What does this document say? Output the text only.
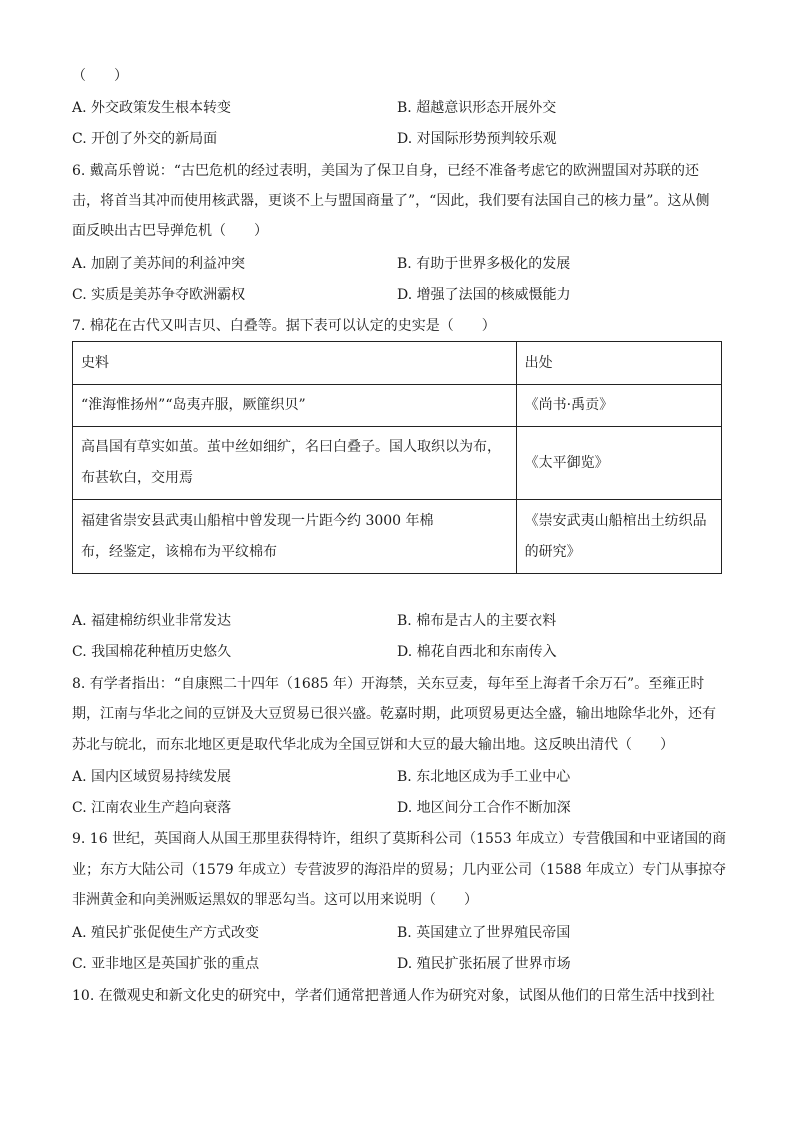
（　　）
A. 外交政策发生根本转变	B. 超越意识形态开展外交
C. 开创了外交的新局面	D. 对国际形势预判较乐观
6. 戴高乐曾说：“古巴危机的经过表明，美国为了保卫自身，已经不准备考虑它的欧洲盟国对苏联的还
击，将首当其冲而使用核武器，更谈不上与盟国商量了”，“因此，我们要有法国自己的核力量”。这从侧
面反映出古巴导弹危机（　　）
A. 加剧了美苏间的利益冲突	B. 有助于世界多极化的发展
C. 实质是美苏争夺欧洲霸权	D. 增强了法国的核威慑能力
7. 棉花在古代又叫吉贝、白叠等。据下表可以认定的史实是（　　）
史料	出处

“淮海惟扬州”“岛夷卉服，厥篚织贝”	《尚书·禹贡》

高昌国有草实如茧。茧中丝如细纩，名曰白叠子。国人取织以为布，
布甚软白，交用焉	《太平御览》

福建省崇安县武夷山船棺中曾发现一片距今约 3000 年棉
布，经鉴定，该棉布为平纹棉布	《崇安武夷山船棺出土纺织品
的研究》
A. 福建棉纺织业非常发达	B. 棉布是古人的主要衣料
C. 我国棉花种植历史悠久	D. 棉花自西北和东南传入
8. 有学者指出：“自康熙二十四年（1685 年）开海禁，关东豆麦，每年至上海者千余万石”。至雍正时
期，江南与华北之间的豆饼及大豆贸易已很兴盛。乾嘉时期，此项贸易更达全盛，输出地除华北外，还有
苏北与皖北，而东北地区更是取代华北成为全国豆饼和大豆的最大输出地。这反映出清代（　　）
A. 国内区域贸易持续发展	B. 东北地区成为手工业中心
C. 江南农业生产趋向衰落	D. 地区间分工合作不断加深
9. 16 世纪，英国商人从国王那里获得特许，组织了莫斯科公司（1553 年成立）专营俄国和中亚诸国的商
业；东方大陆公司（1579 年成立）专营波罗的海沿岸的贸易；几内亚公司（1588 年成立）专门从事掠夺
非洲黄金和向美洲贩运黑奴的罪恶勾当。这可以用来说明（　　）
A. 殖民扩张促使生产方式改变	B. 英国建立了世界殖民帝国
C. 亚非地区是英国扩张的重点	D. 殖民扩张拓展了世界市场
10. 在微观史和新文化史的研究中，学者们通常把普通人作为研究对象，试图从他们的日常生活中找到社
